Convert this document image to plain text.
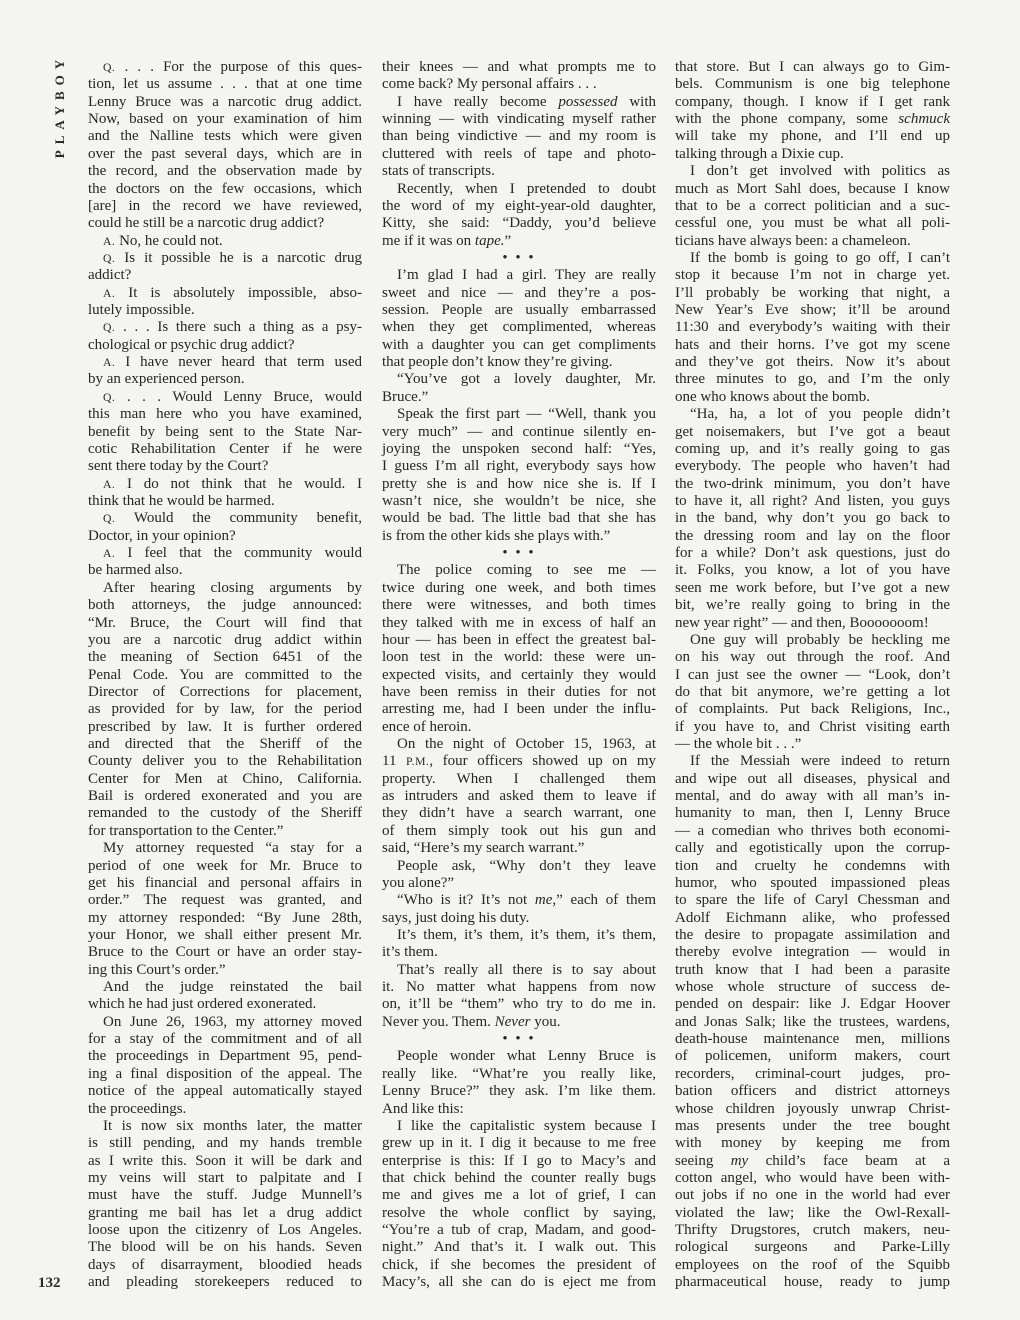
PLAYBOY
132
Q. . . . For the purpose of this ques-
tion, let us assume . . . that at one time
Lenny Bruce was a narcotic drug addict.
Now, based on your examination of him
and the Nalline tests which were given
over the past several days, which are in
the record, and the observation made by
the doctors on the few occasions, which
[are] in the record we have reviewed,
could he still be a narcotic drug addict?
A. No, he could not.
Q. Is it possible he is a narcotic drug
addict?
A. It is absolutely impossible, abso-
lutely impossible.
Q. . . . Is there such a thing as a psy-
chological or psychic drug addict?
A. I have never heard that term used
by an experienced person.
Q. . . . Would Lenny Bruce, would
this man here who you have examined,
benefit by being sent to the State Nar-
cotic Rehabilitation Center if he were
sent there today by the Court?
A. I do not think that he would. I
think that he would be harmed.
Q. Would the community benefit,
Doctor, in your opinion?
A. I feel that the community would
be harmed also.
After hearing closing arguments by
both attorneys, the judge announced:
“Mr. Bruce, the Court will find that
you are a narcotic drug addict within
the meaning of Section 6451 of the
Penal Code. You are committed to the
Director of Corrections for placement,
as provided for by law, for the period
prescribed by law. It is further ordered
and directed that the Sheriff of the
County deliver you to the Rehabilitation
Center for Men at Chino, California.
Bail is ordered exonerated and you are
remanded to the custody of the Sheriff
for transportation to the Center.”
My attorney requested “a stay for a
period of one week for Mr. Bruce to
get his financial and personal affairs in
order.” The request was granted, and
my attorney responded: “By June 28th,
your Honor, we shall either present Mr.
Bruce to the Court or have an order stay-
ing this Court’s order.”
And the judge reinstated the bail
which he had just ordered exonerated.
On June 26, 1963, my attorney moved
for a stay of the commitment and of all
the proceedings in Department 95, pend-
ing a final disposition of the appeal. The
notice of the appeal automatically stayed
the proceedings.
It is now six months later, the matter
is still pending, and my hands tremble
as I write this. Soon it will be dark and
my veins will start to palpitate and I
must have the stuff. Judge Munnell’s
granting me bail has let a drug addict
loose upon the citizenry of Los Angeles.
The blood will be on his hands. Seven
days of disarrayment, bloodied heads
and pleading storekeepers reduced to
their knees — and what prompts me to
come back? My personal affairs . . .
I have really become possessed with
winning — with vindicating myself rather
than being vindictive — and my room is
cluttered with reels of tape and photo-
stats of transcripts.
Recently, when I pretended to doubt
the word of my eight-year-old daughter,
Kitty, she said: “Daddy, you’d believe
me if it was on tape.”
• • •
I’m glad I had a girl. They are really
sweet and nice — and they’re a pos-
session. People are usually embarrassed
when they get complimented, whereas
with a daughter you can get compliments
that people don’t know they’re giving.
“You’ve got a lovely daughter, Mr.
Bruce.”
Speak the first part — “Well, thank you
very much” — and continue silently en-
joying the unspoken second half: “Yes,
I guess I’m all right, everybody says how
pretty she is and how nice she is. If I
wasn’t nice, she wouldn’t be nice, she
would be bad. The little bad that she has
is from the other kids she plays with.”
• • •
The police coming to see me —
twice during one week, and both times
there were witnesses, and both times
they talked with me in excess of half an
hour — has been in effect the greatest bal-
loon test in the world: these were un-
expected visits, and certainly they would
have been remiss in their duties for not
arresting me, had I been under the influ-
ence of heroin.
On the night of October 15, 1963, at
11 P.M., four officers showed up on my
property. When I challenged them
as intruders and asked them to leave if
they didn’t have a search warrant, one
of them simply took out his gun and
said, “Here’s my search warrant.”
People ask, “Why don’t they leave
you alone?”
“Who is it? It’s not me,” each of them
says, just doing his duty.
It’s them, it’s them, it’s them, it’s them,
it’s them.
That’s really all there is to say about
it. No matter what happens from now
on, it’ll be “them” who try to do me in.
Never you. Them. Never you.
• • •
People wonder what Lenny Bruce is
really like. “What’re you really like,
Lenny Bruce?” they ask. I’m like them.
And like this:
I like the capitalistic system because I
grew up in it. I dig it because to me free
enterprise is this: If I go to Macy’s and
that chick behind the counter really bugs
me and gives me a lot of grief, I can
resolve the whole conflict by saying,
“You’re a tub of crap, Madam, and good-
night.” And that’s it. I walk out. This
chick, if she becomes the president of
Macy’s, all she can do is eject me from
that store. But I can always go to Gim-
bels. Communism is one big telephone
company, though. I know if I get rank
with the phone company, some schmuck
will take my phone, and I’ll end up
talking through a Dixie cup.
I don’t get involved with politics as
much as Mort Sahl does, because I know
that to be a correct politician and a suc-
cessful one, you must be what all poli-
ticians have always been: a chameleon.
If the bomb is going to go off, I can’t
stop it because I’m not in charge yet.
I’ll probably be working that night, a
New Year’s Eve show; it’ll be around
11:30 and everybody’s waiting with their
hats and their horns. I’ve got my scene
and they’ve got theirs. Now it’s about
three minutes to go, and I’m the only
one who knows about the bomb.
“Ha, ha, a lot of you people didn’t
get noisemakers, but I’ve got a beaut
coming up, and it’s really going to gas
everybody. The people who haven’t had
the two-drink minimum, you don’t have
to have it, all right? And listen, you guys
in the band, why don’t you go back to
the dressing room and lay on the floor
for a while? Don’t ask questions, just do
it. Folks, you know, a lot of you have
seen me work before, but I’ve got a new
bit, we’re really going to bring in the
new year right” — and then, Booooooom!
One guy will probably be heckling me
on his way out through the roof. And
I can just see the owner — “Look, don’t
do that bit anymore, we’re getting a lot
of complaints. Put back Religions, Inc.,
if you have to, and Christ visiting earth
— the whole bit . . .”
If the Messiah were indeed to return
and wipe out all diseases, physical and
mental, and do away with all man’s in-
humanity to man, then I, Lenny Bruce
— a comedian who thrives both economi-
cally and egotistically upon the corrup-
tion and cruelty he condemns with
humor, who spouted impassioned pleas
to spare the life of Caryl Chessman and
Adolf Eichmann alike, who professed
the desire to propagate assimilation and
thereby evolve integration — would in
truth know that I had been a parasite
whose whole structure of success de-
pended on despair: like J. Edgar Hoover
and Jonas Salk; like the trustees, wardens,
death-house maintenance men, millions
of policemen, uniform makers, court
recorders, criminal-court judges, pro-
bation officers and district attorneys
whose children joyously unwrap Christ-
mas presents under the tree bought
with money by keeping me from
seeing my child’s face beam at a
cotton angel, who would have been with-
out jobs if no one in the world had ever
violated the law; like the Owl-Rexall-
Thrifty Drugstores, crutch makers, neu-
rological surgeons and Parke-Lilly
employees on the roof of the Squibb
pharmaceutical house, ready to jump
